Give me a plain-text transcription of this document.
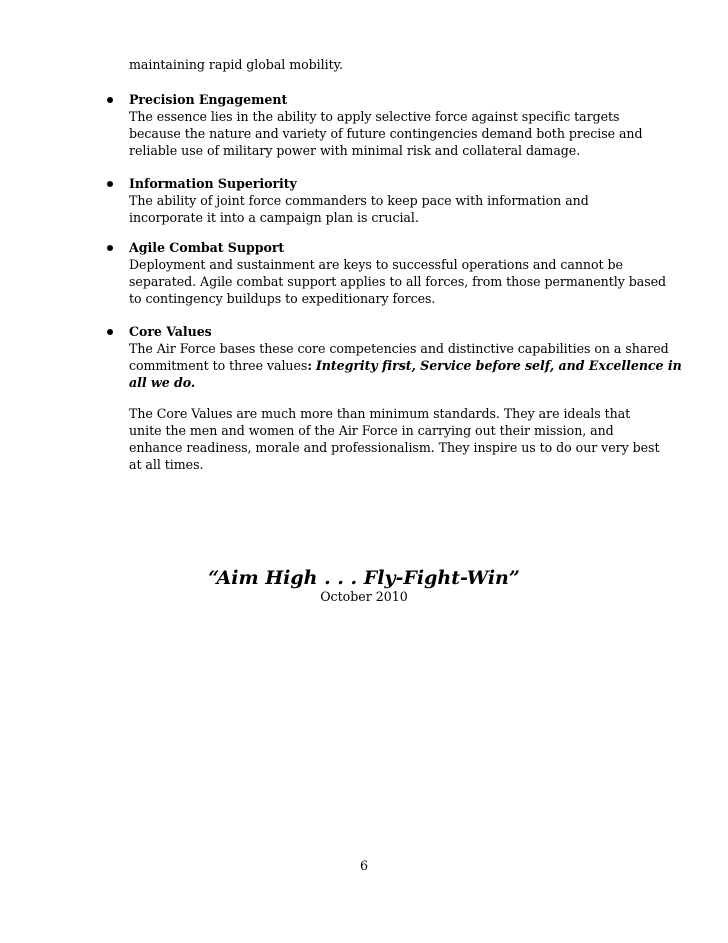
maintaining rapid global mobility.
Precision Engagement
The essence lies in the ability to apply selective force against specific targets
because the nature and variety of future contingencies demand both precise and
reliable use of military power with minimal risk and collateral damage.
Information Superiority
The ability of joint force commanders to keep pace with information and
incorporate it into a campaign plan is crucial.
Agile Combat Support
Deployment and sustainment are keys to successful operations and cannot be
separated. Agile combat support applies to all forces, from those permanently based
to contingency buildups to expeditionary forces.
Core Values
The Air Force bases these core competencies and distinctive capabilities on a shared
commitment to three values: Integrity first, Service before self, and Excellence in
all we do.
The Core Values are much more than minimum standards. They are ideals that
unite the men and women of the Air Force in carrying out their mission, and
enhance readiness, morale and professionalism. They inspire us to do our very best
at all times.
“Aim High . . . Fly-Fight-Win”
October 2010
6
